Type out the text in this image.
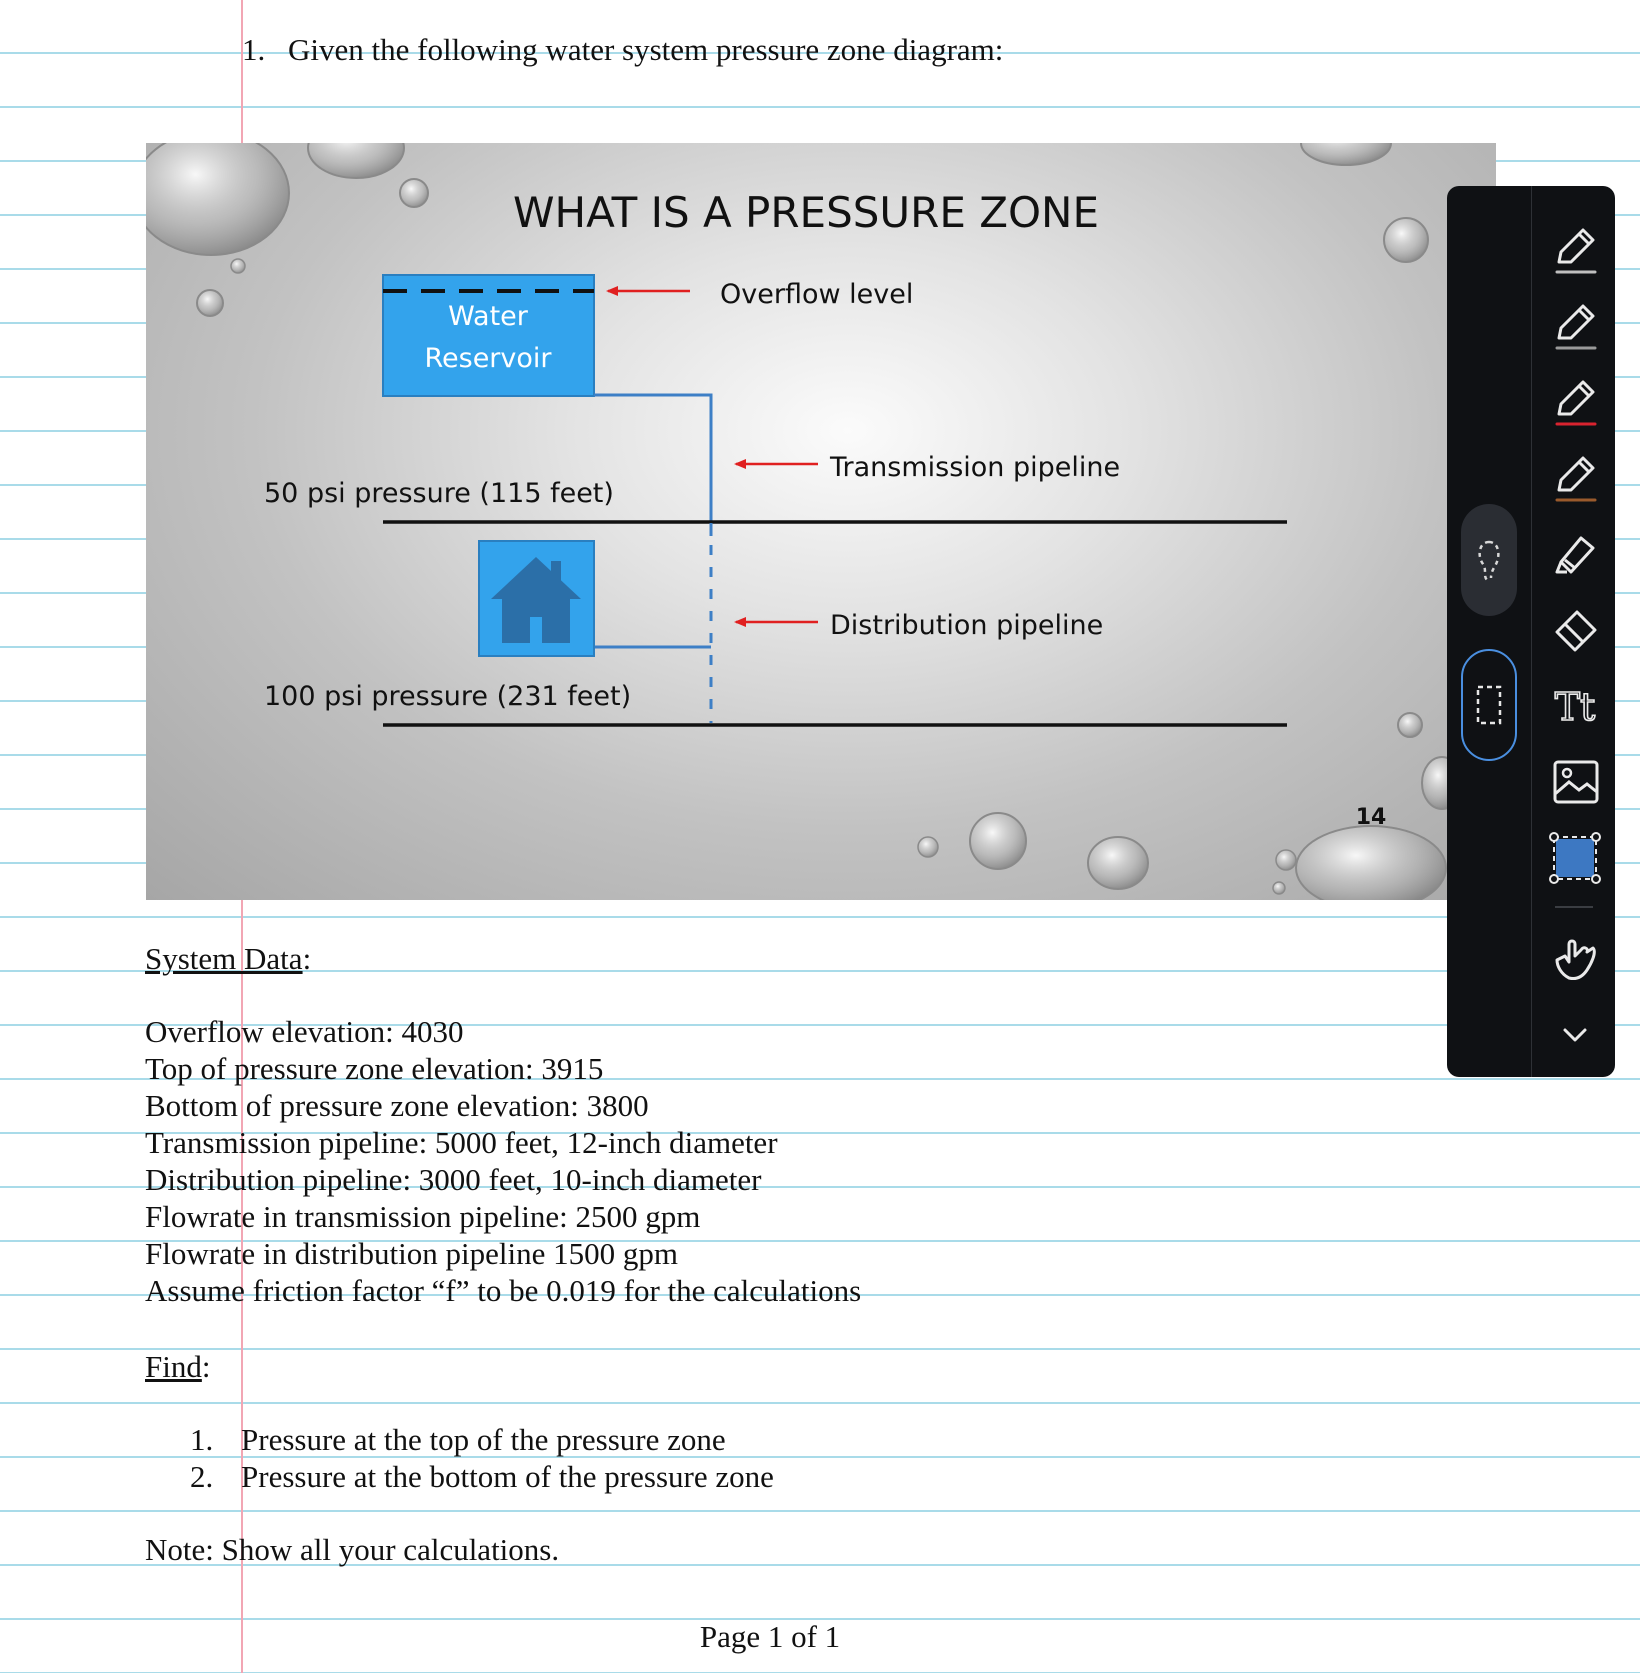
1. Given the following water system pressure zone diagram:

WHAT IS A PRESSURE ZONE
Water
Reservoir
Overflow level
Transmission pipeline
50 psi pressure (115 feet)
Distribution pipeline
100 psi pressure (231 feet)
14
System Data:
Overflow elevation: 4030
Top of pressure zone elevation: 3915
Bottom of pressure zone elevation: 3800
Transmission pipeline: 5000 feet, 12-inch diameter
Distribution pipeline: 3000 feet, 10-inch diameter
Flowrate in transmission pipeline: 2500 gpm
Flowrate in distribution pipeline 1500 gpm
Assume friction factor “f” to be 0.019 for the calculations
Find:
1. Pressure at the top of the pressure zone
2. Pressure at the bottom of the pressure zone
Note: Show all your calculations.
Page 1 of 1
Tt
